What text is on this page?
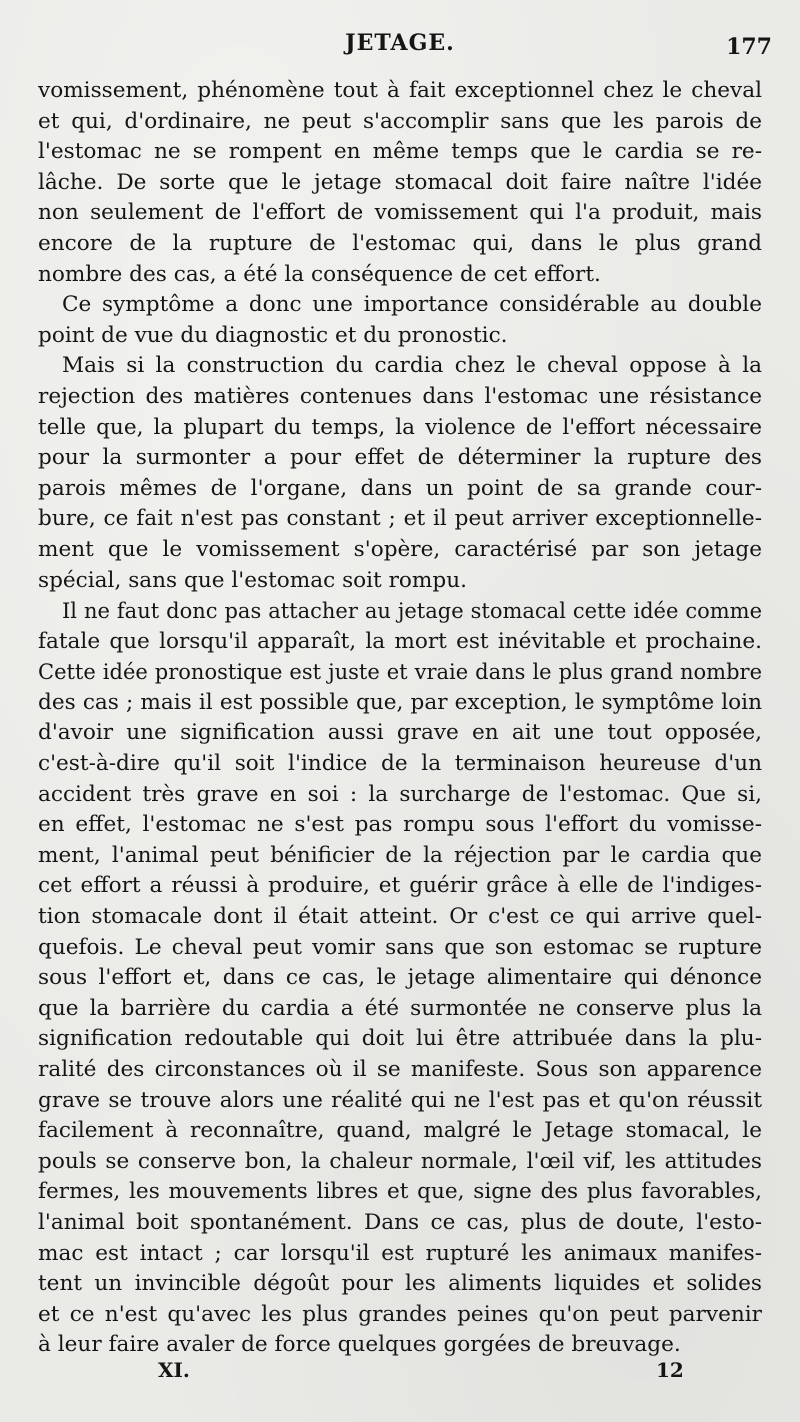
JETAGE.	177
vomissement, phénomène tout à fait exceptionnel chez le cheval
et qui, d'ordinaire, ne peut s'accomplir sans que les parois de
l'estomac ne se rompent en même temps que le cardia se re-
lâche. De sorte que le jetage stomacal doit faire naître l'idée
non seulement de l'effort de vomissement qui l'a produit, mais
encore de la rupture de l'estomac qui, dans le plus grand
nombre des cas, a été la conséquence de cet effort.
Ce symptôme a donc une importance considérable au double
point de vue du diagnostic et du pronostic.
Mais si la construction du cardia chez le cheval oppose à la
rejection des matières contenues dans l'estomac une résistance
telle que, la plupart du temps, la violence de l'effort nécessaire
pour la surmonter a pour effet de déterminer la rupture des
parois mêmes de l'organe, dans un point de sa grande cour-
bure, ce fait n'est pas constant ; et il peut arriver exceptionnelle-
ment que le vomissement s'opère, caractérisé par son jetage
spécial, sans que l'estomac soit rompu.
Il ne faut donc pas attacher au jetage stomacal cette idée comme
fatale que lorsqu'il apparaît, la mort est inévitable et prochaine.
Cette idée pronostique est juste et vraie dans le plus grand nombre
des cas ; mais il est possible que, par exception, le symptôme loin
d'avoir une signification aussi grave en ait une tout opposée,
c'est-à-dire qu'il soit l'indice de la terminaison heureuse d'un
accident très grave en soi : la surcharge de l'estomac. Que si,
en effet, l'estomac ne s'est pas rompu sous l'effort du vomisse-
ment, l'animal peut bénificier de la réjection par le cardia que
cet effort a réussi à produire, et guérir grâce à elle de l'indiges-
tion stomacale dont il était atteint. Or c'est ce qui arrive quel-
quefois. Le cheval peut vomir sans que son estomac se rupture
sous l'effort et, dans ce cas, le jetage alimentaire qui dénonce
que la barrière du cardia a été surmontée ne conserve plus la
signification redoutable qui doit lui être attribuée dans la plu-
ralité des circonstances où il se manifeste. Sous son apparence
grave se trouve alors une réalité qui ne l'est pas et qu'on réussit
facilement à reconnaître, quand, malgré le Jetage stomacal, le
pouls se conserve bon, la chaleur normale, l'œil vif, les attitudes
fermes, les mouvements libres et que, signe des plus favorables,
l'animal boit spontanément. Dans ce cas, plus de doute, l'esto-
mac est intact ; car lorsqu'il est rupturé les animaux manifes-
tent un invincible dégoût pour les aliments liquides et solides
et ce n'est qu'avec les plus grandes peines qu'on peut parvenir
à leur faire avaler de force quelques gorgées de breuvage.
XI.	12
